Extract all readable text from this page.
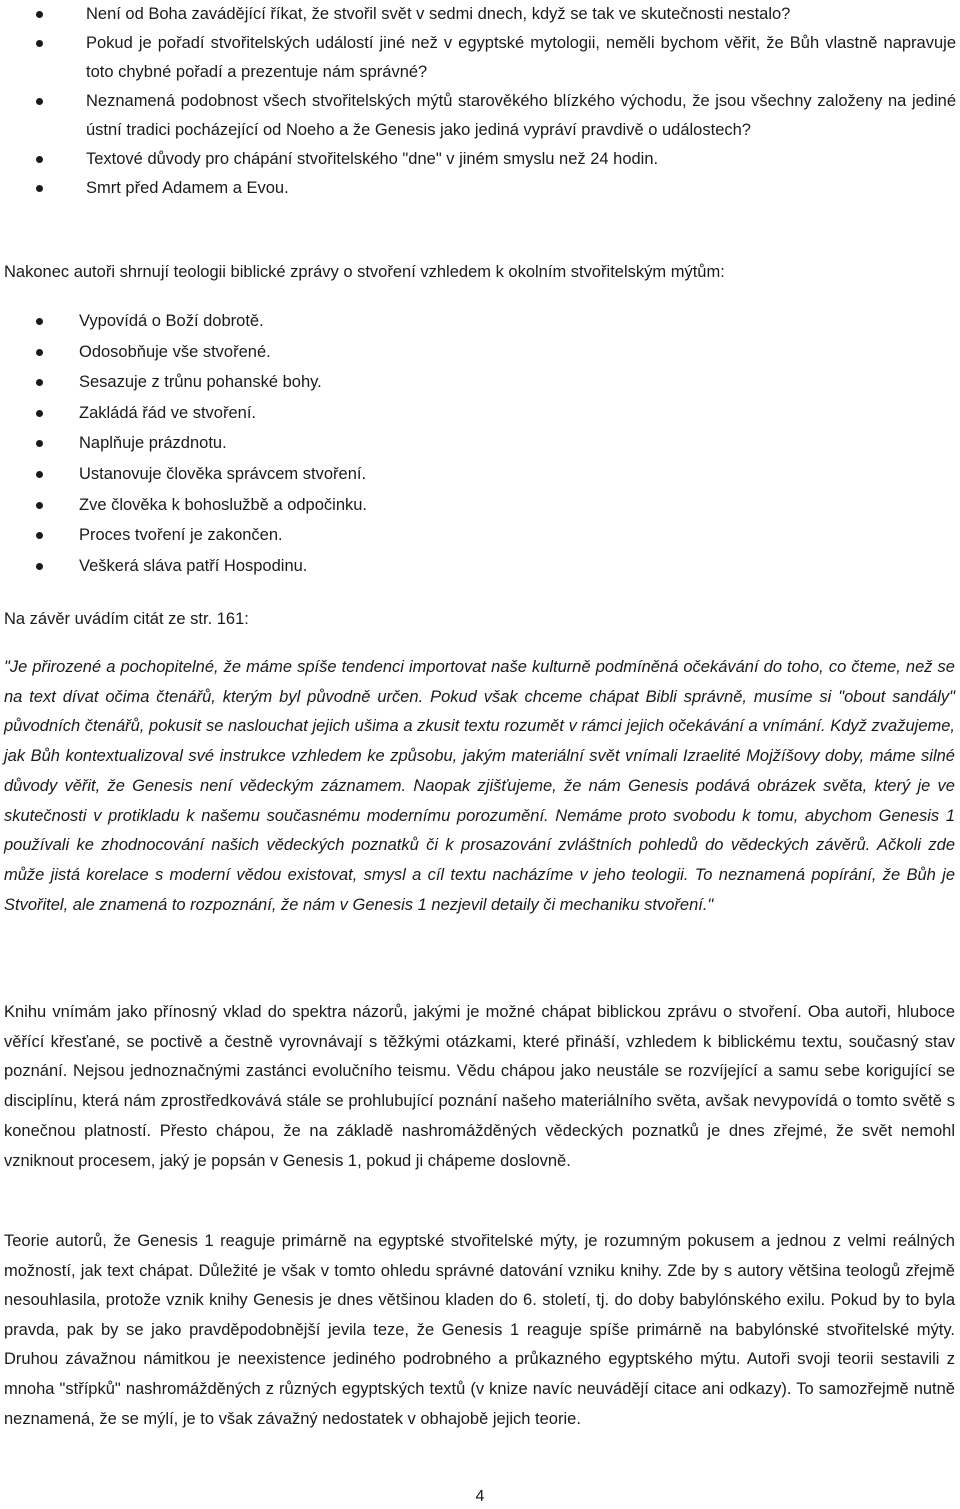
Není od Boha zavádějící říkat, že stvořil svět v sedmi dnech, když se tak ve skutečnosti nestalo?
Pokud je pořadí stvořitelských událostí jiné než v egyptské mytologii, neměli bychom věřit, že Bůh vlastně napravuje toto chybné pořadí a prezentuje nám správné?
Neznamená podobnost všech stvořitelských mýtů starověkého blízkého východu, že jsou všechny založeny na jediné ústní tradici pocházející od Noeho a že Genesis jako jediná vypráví pravdivě o událostech?
Textové důvody pro chápání stvořitelského "dne" v jiném smyslu než 24 hodin.
Smrt před Adamem a Evou.

Nakonec autoři shrnují teologii biblické zprávy o stvoření vzhledem k okolním stvořitelským mýtům:

Vypovídá o Boží dobrotě.
Odosobňuje vše stvořené.
Sesazuje z trůnu pohanské bohy.
Zakládá řád ve stvoření.
Naplňuje prázdnotu.
Ustanovuje člověka správcem stvoření.
Zve člověka k bohoslužbě a odpočinku.
Proces tvoření je zakončen.
Veškerá sláva patří Hospodinu.

Na závěr uvádím citát ze str. 161:

"Je přirozené a pochopitelné, že máme spíše tendenci importovat naše kulturně podmíněná očekávání do toho, co čteme, než se na text dívat očima čtenářů, kterým byl původně určen. Pokud však chceme chápat Bibli správně, musíme si "obout sandály" původních čtenářů, pokusit se naslouchat jejich ušima a zkusit textu rozumět v rámci jejich očekávání a vnímání. Když zvažujeme, jak Bůh kontextualizoval své instrukce vzhledem ke způsobu, jakým materiální svět vnímali Izraelité Mojžíšovy doby, máme silné důvody věřit, že Genesis není vědeckým záznamem. Naopak zjišťujeme, že nám Genesis podává obrázek světa, který je ve skutečnosti v protikladu k našemu současnému modernímu porozumění. Nemáme proto svobodu k tomu, abychom Genesis 1 používali ke zhodnocování našich vědeckých poznatků či k prosazování zvláštních pohledů do vědeckých závěrů. Ačkoli zde může jistá korelace s moderní vědou existovat, smysl a cíl textu nacházíme v jeho teologii. To neznamená popírání, že Bůh je Stvořitel, ale znamená to rozpoznání, že nám v Genesis 1 nezjevil detaily či mechaniku stvoření."

Knihu vnímám jako přínosný vklad do spektra názorů, jakými je možné chápat biblickou zprávu o stvoření. Oba autoři, hluboce věřící křesťané, se poctivě a čestně vyrovnávají s těžkými otázkami, které přináší, vzhledem k biblickému textu, současný stav poznání. Nejsou jednoznačnými zastánci evolučního teismu. Vědu chápou jako neustále se rozvíjející a samu sebe korigující se disciplínu, která nám zprostředkovává stále se prohlubující poznání našeho materiálního světa, avšak nevypovídá o tomto světě s konečnou platností. Přesto chápou, že na základě nashromážděných vědeckých poznatků je dnes zřejmé, že svět nemohl vzniknout procesem, jaký je popsán v Genesis 1, pokud ji chápeme doslovně.

Teorie autorů, že Genesis 1 reaguje primárně na egyptské stvořitelské mýty, je rozumným pokusem a jednou z velmi reálných možností, jak text chápat. Důležité je však v tomto ohledu správné datování vzniku knihy. Zde by s autory většina teologů zřejmě nesouhlasila, protože vznik knihy Genesis je dnes většinou kladen do 6. století, tj. do doby babylónského exilu. Pokud by to byla pravda, pak by se jako pravděpodobnější jevila teze, že Genesis 1 reaguje spíše primárně na babylónské stvořitelské mýty. Druhou závažnou námitkou je neexistence jediného podrobného a průkazného egyptského mýtu. Autoři svoji teorii sestavili z mnoha "střípků" nashromážděných z různých egyptských textů (v knize navíc neuvádějí citace ani odkazy). To samozřejmě nutně neznamená, že se mýlí, je to však závažný nedostatek v obhajobě jejich teorie.

4
